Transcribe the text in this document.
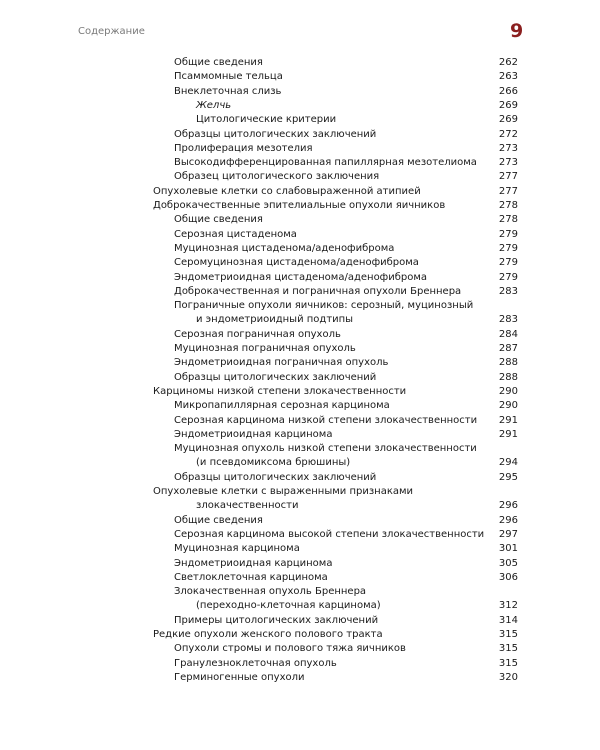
Содержание	9
Общие сведения	262
Псаммомные тельца	263
Внеклеточная слизь	266
Желчь	269
Цитологические критерии	269
Образцы цитологических заключений	272
Пролиферация мезотелия	273
Высокодифференцированная папиллярная мезотелиома 273
Образец цитологического заключения	277
Опухолевые клетки со слабовыраженной атипией	277
Доброкачественные эпителиальные опухоли яичников	278
Общие сведения	278
Серозная цистаденома	279
Муцинозная цистаденома/аденофиброма	279
Серомуцинозная цистаденома/аденофиброма	279
Эндометриоидная цистаденома/аденофиброма	279
Доброкачественная и пограничная опухоли Бреннера	283
Пограничные опухоли яичников: серозный, муцинозный
и эндометриоидный подтипы	283
Серозная пограничная опухоль	284
Муцинозная пограничная опухоль	287
Эндометриоидная пограничная опухоль	288
Образцы цитологических заключений	288
Карциномы низкой степени злокачественности	290
Микропапиллярная серозная карцинома	290
Серозная карцинома низкой степени злокачественности 291
Эндометриоидная карцинома	291
Муцинозная опухоль низкой степени злокачественности
(и псевдомиксома брюшины)	294
Образцы цитологических заключений	295
Опухолевые клетки с выраженными признаками
злокачественности	296
Общие сведения	296
Серозная карцинома высокой степени злокачественности 297
Муцинозная карцинома	301
Эндометриоидная карцинома	305
Светлоклеточная карцинома	306
Злокачественная опухоль Бреннера
(переходно-клеточная карцинома)	312
Примеры цитологических заключений	314
Редкие опухоли женского полового тракта	315
Опухоли стромы и полового тяжа яичников	315
Гранулезноклеточная опухоль	315
Герминогенные опухоли	320
